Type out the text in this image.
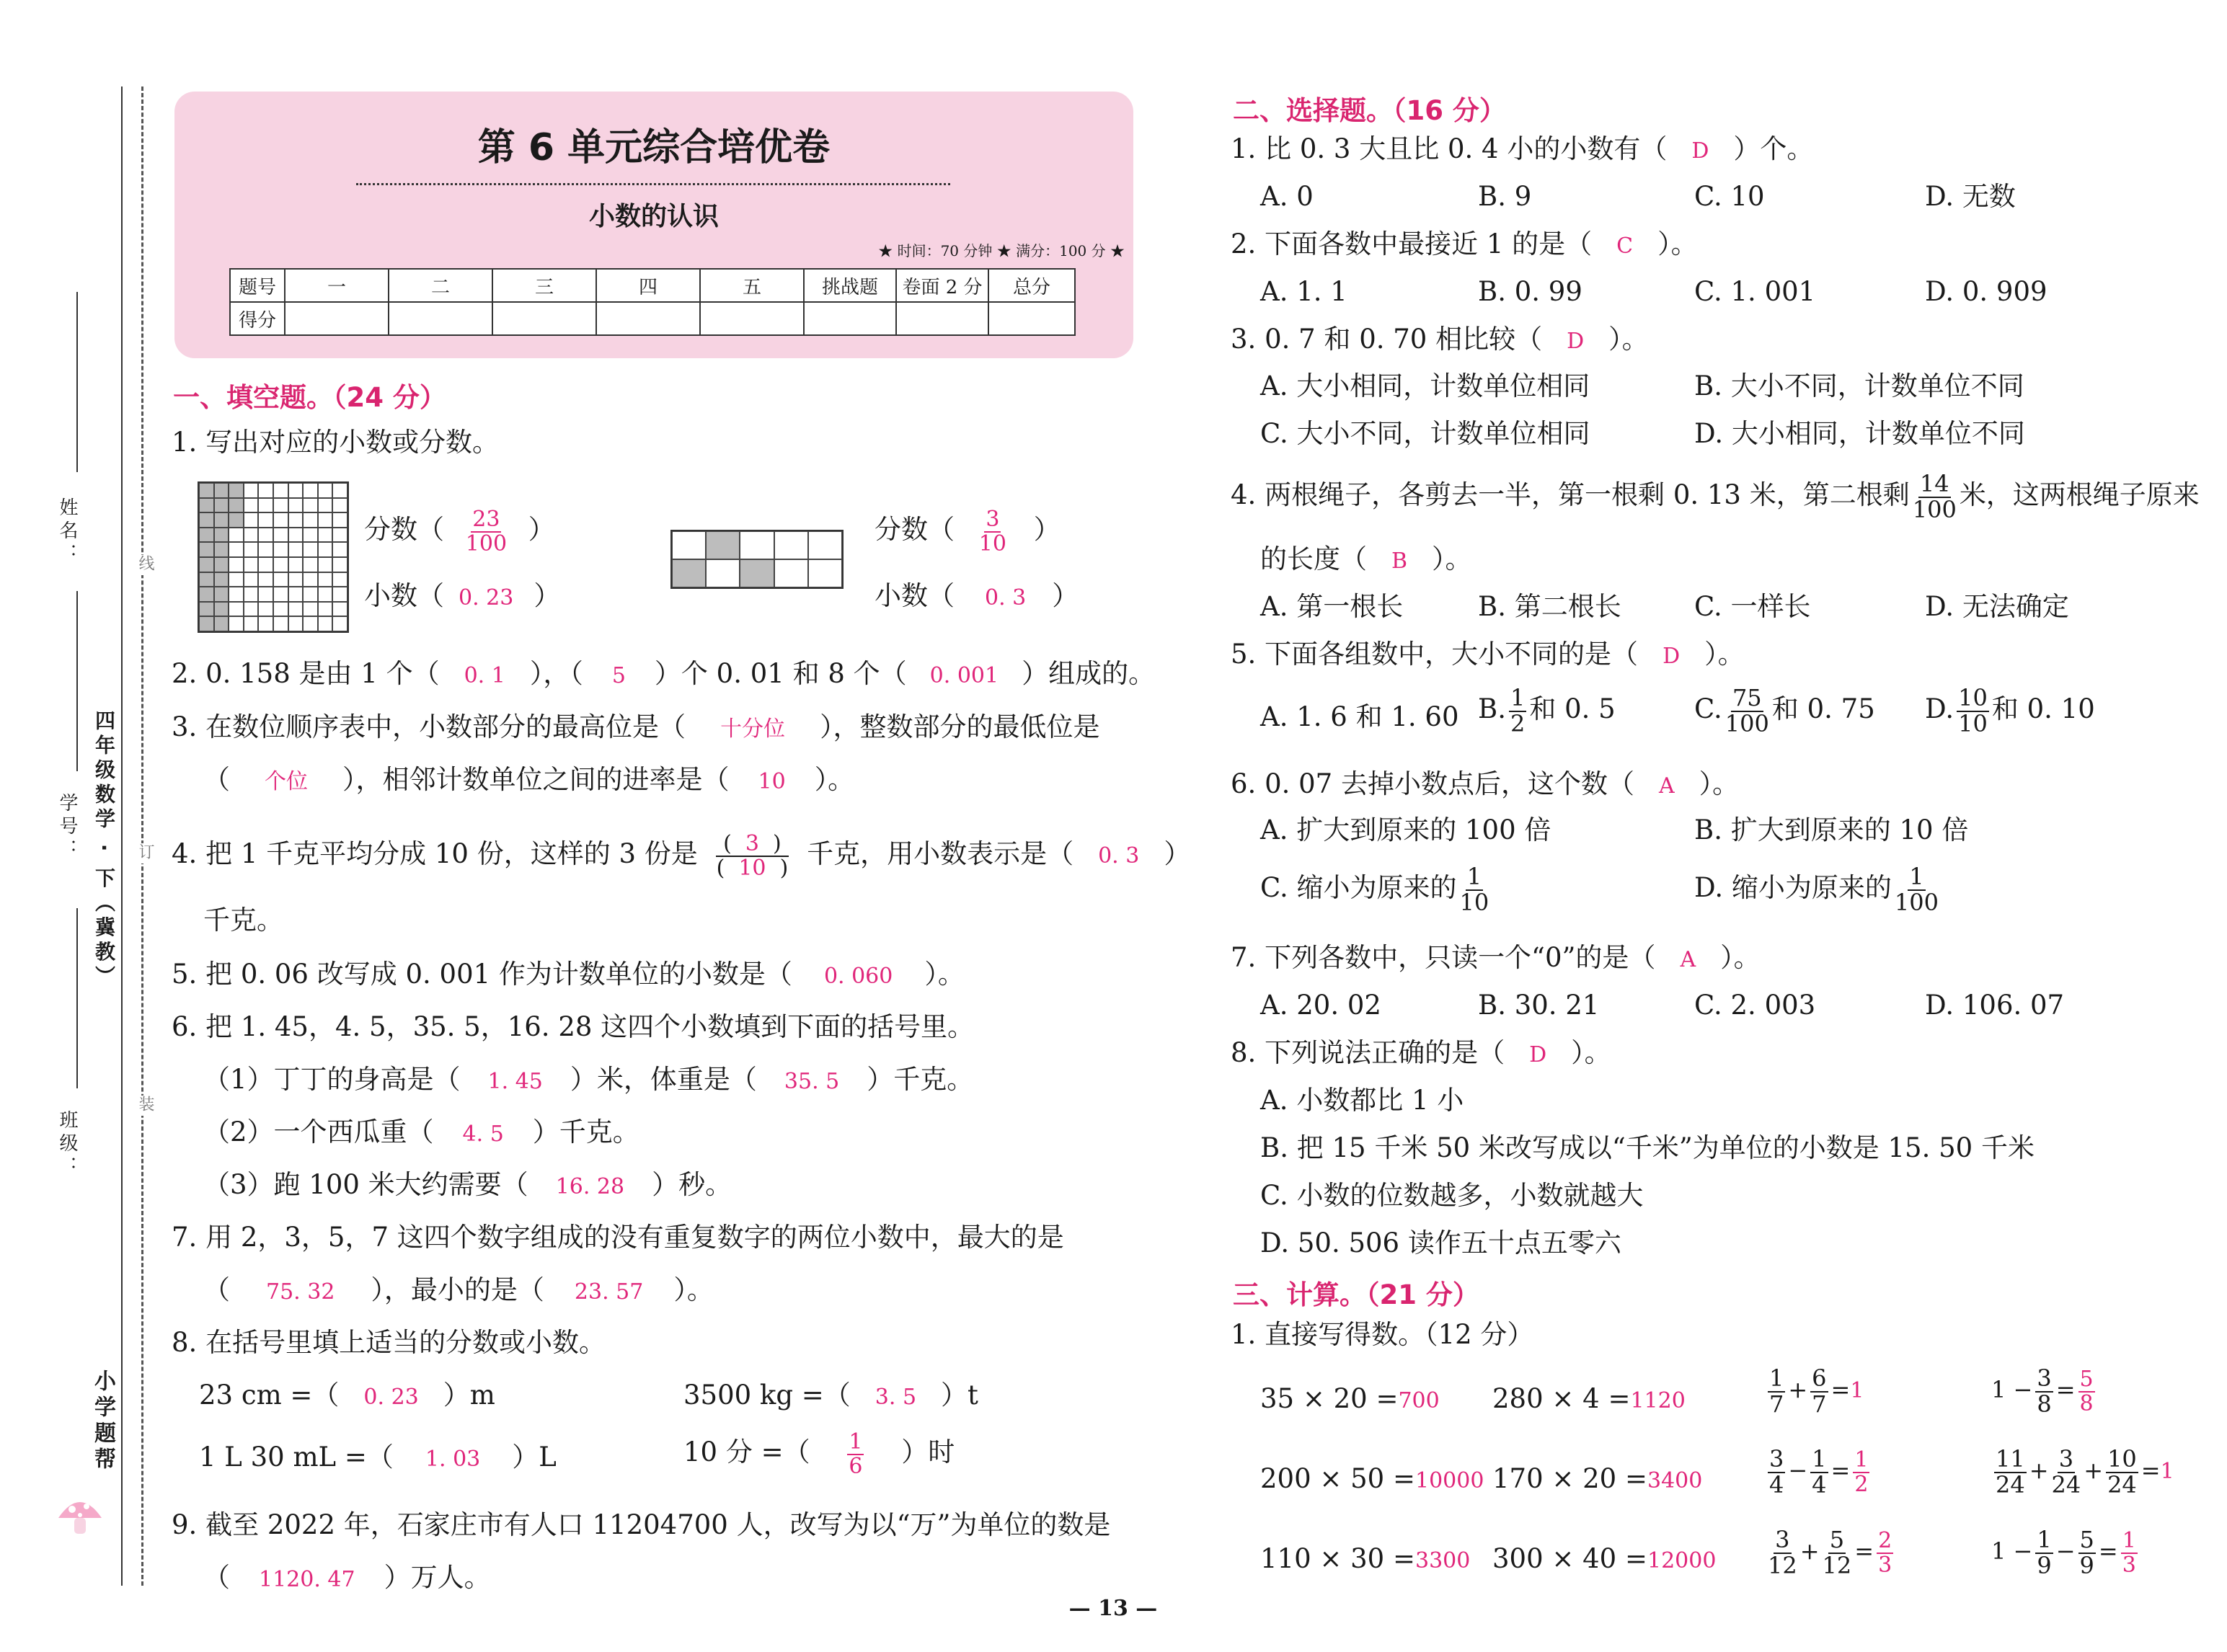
姓名：
学号： 四年级数学 · 下（冀教）
班级：
线
订
装
小学题帮
第 6 单元综合培优卷
小数的认识
★ 时间：70 分钟 ★ 满分：100 分 ★
题号	一	二	三	四	五	挑战题	卷面 2 分	总分
得分								
一、填空题。（24 分）
1. 写出对应的小数或分数。
分数（ $\frac{23}{100}$ ）
小数（ 0. 23 ）
分数（ $\frac{3}{10}$ ）
小数（ 0. 3 ）
2. 0. 158 是由 1 个（ 0. 1 ），（ 5 ）个 0. 01 和 8 个（ 0. 001 ）组成的。
3. 在数位顺序表中，小数部分的最高位是（ 十分位 ），整数部分的最低位是
（ 个位 ），相邻计数单位之间的进率是（ 10 ）。
4. 把 1 千克平均分成 10 份，这样的 3 份是 $\frac{( 3 )}{( 10 )}$ 千克，用小数表示是（ 0. 3 ）
千克。
5. 把 0. 06 改写成 0. 001 作为计数单位的小数是（ 0. 060 ）。
6. 把 1. 45，4. 5，35. 5，16. 28 这四个小数填到下面的括号里。
（1）丁丁的身高是（ 1. 45 ）米，体重是（ 35. 5 ）千克。
（2）一个西瓜重（ 4. 5 ）千克。
（3）跑 100 米大约需要（ 16. 28 ）秒。
7. 用 2，3，5，7 这四个数字组成的没有重复数字的两位小数中，最大的是
（ 75. 32 ），最小的是（ 23. 57 ）。
8. 在括号里填上适当的分数或小数。
23 cm =（ 0. 23 ）m	3500 kg =（ 3. 5 ）t
1 L 30 mL =（ 1. 03 ）L	10 分 =（ $\frac{1}{6}$ ）时
9. 截至 2022 年，石家庄市有人口 11204700 人，改写为以“万”为单位的数是
（ 1120. 47 ）万人。
二、选择题。（16 分）
1. 比 0. 3 大且比 0. 4 小的小数有（ D ）个。
A. 0	B. 9	C. 10	D. 无数
2. 下面各数中最接近 1 的是（ C ）。
A. 1. 1	B. 0. 99	C. 1. 001	D. 0. 909
3. 0. 7 和 0. 70 相比较（ D ）。
A. 大小相同，计数单位相同	B. 大小不同，计数单位不同
C. 大小不同，计数单位相同	D. 大小相同，计数单位不同
4. 两根绳子，各剪去一半，第一根剩 0. 13 米，第二根剩 $\frac{14}{100}$ 米，这两根绳子原来
的长度（ B ）。
A. 第一根长	B. 第二根长	C. 一样长	D. 无法确定
5. 下面各组数中，大小不同的是（ D ）。
A. 1. 6 和 1. 60 B. $\frac{1}{2}$ 和 0. 5	C. $\frac{75}{100}$ 和 0. 75 D. $\frac{10}{10}$ 和 0. 10
6. 0. 07 去掉小数点后，这个数（ A ）。
A. 扩大到原来的 100 倍	B. 扩大到原来的 10 倍
C. 缩小为原来的 $\frac{1}{10}$	D. 缩小为原来的 $\frac{1}{100}$
7. 下列各数中，只读一个“0”的是（ A ）。
A. 20. 02	B. 30. 21	C. 2. 003	D. 106. 07
8. 下列说法正确的是（ D ）。
A. 小数都比 1 小
B. 把 15 千米 50 米改写成以“千米”为单位的小数是 15. 50 千米
C. 小数的位数越多，小数就越大
D. 50. 506 读作五十点五零六
三、计算。（21 分）
1. 直接写得数。（12 分）
35 × 20 =700 280 × 4 =1120
200 × 50 =10000 170 × 20 =3400
110 × 30 =3300 300 × 40 =12000
$\frac{1}{7} + \frac{6}{7} =1$	$1 - \frac{3}{8} = \frac{5}{8}$
$\frac{3}{4} - \frac{1}{4} = \frac{1}{2}$	$\frac{11}{24} + \frac{3}{24} + \frac{10}{24} =1$
$\frac{3}{12} + \frac{5}{12} = \frac{2}{3}$	$1 - \frac{1}{9} - \frac{5}{9} = \frac{1}{3}$
— 13 —
